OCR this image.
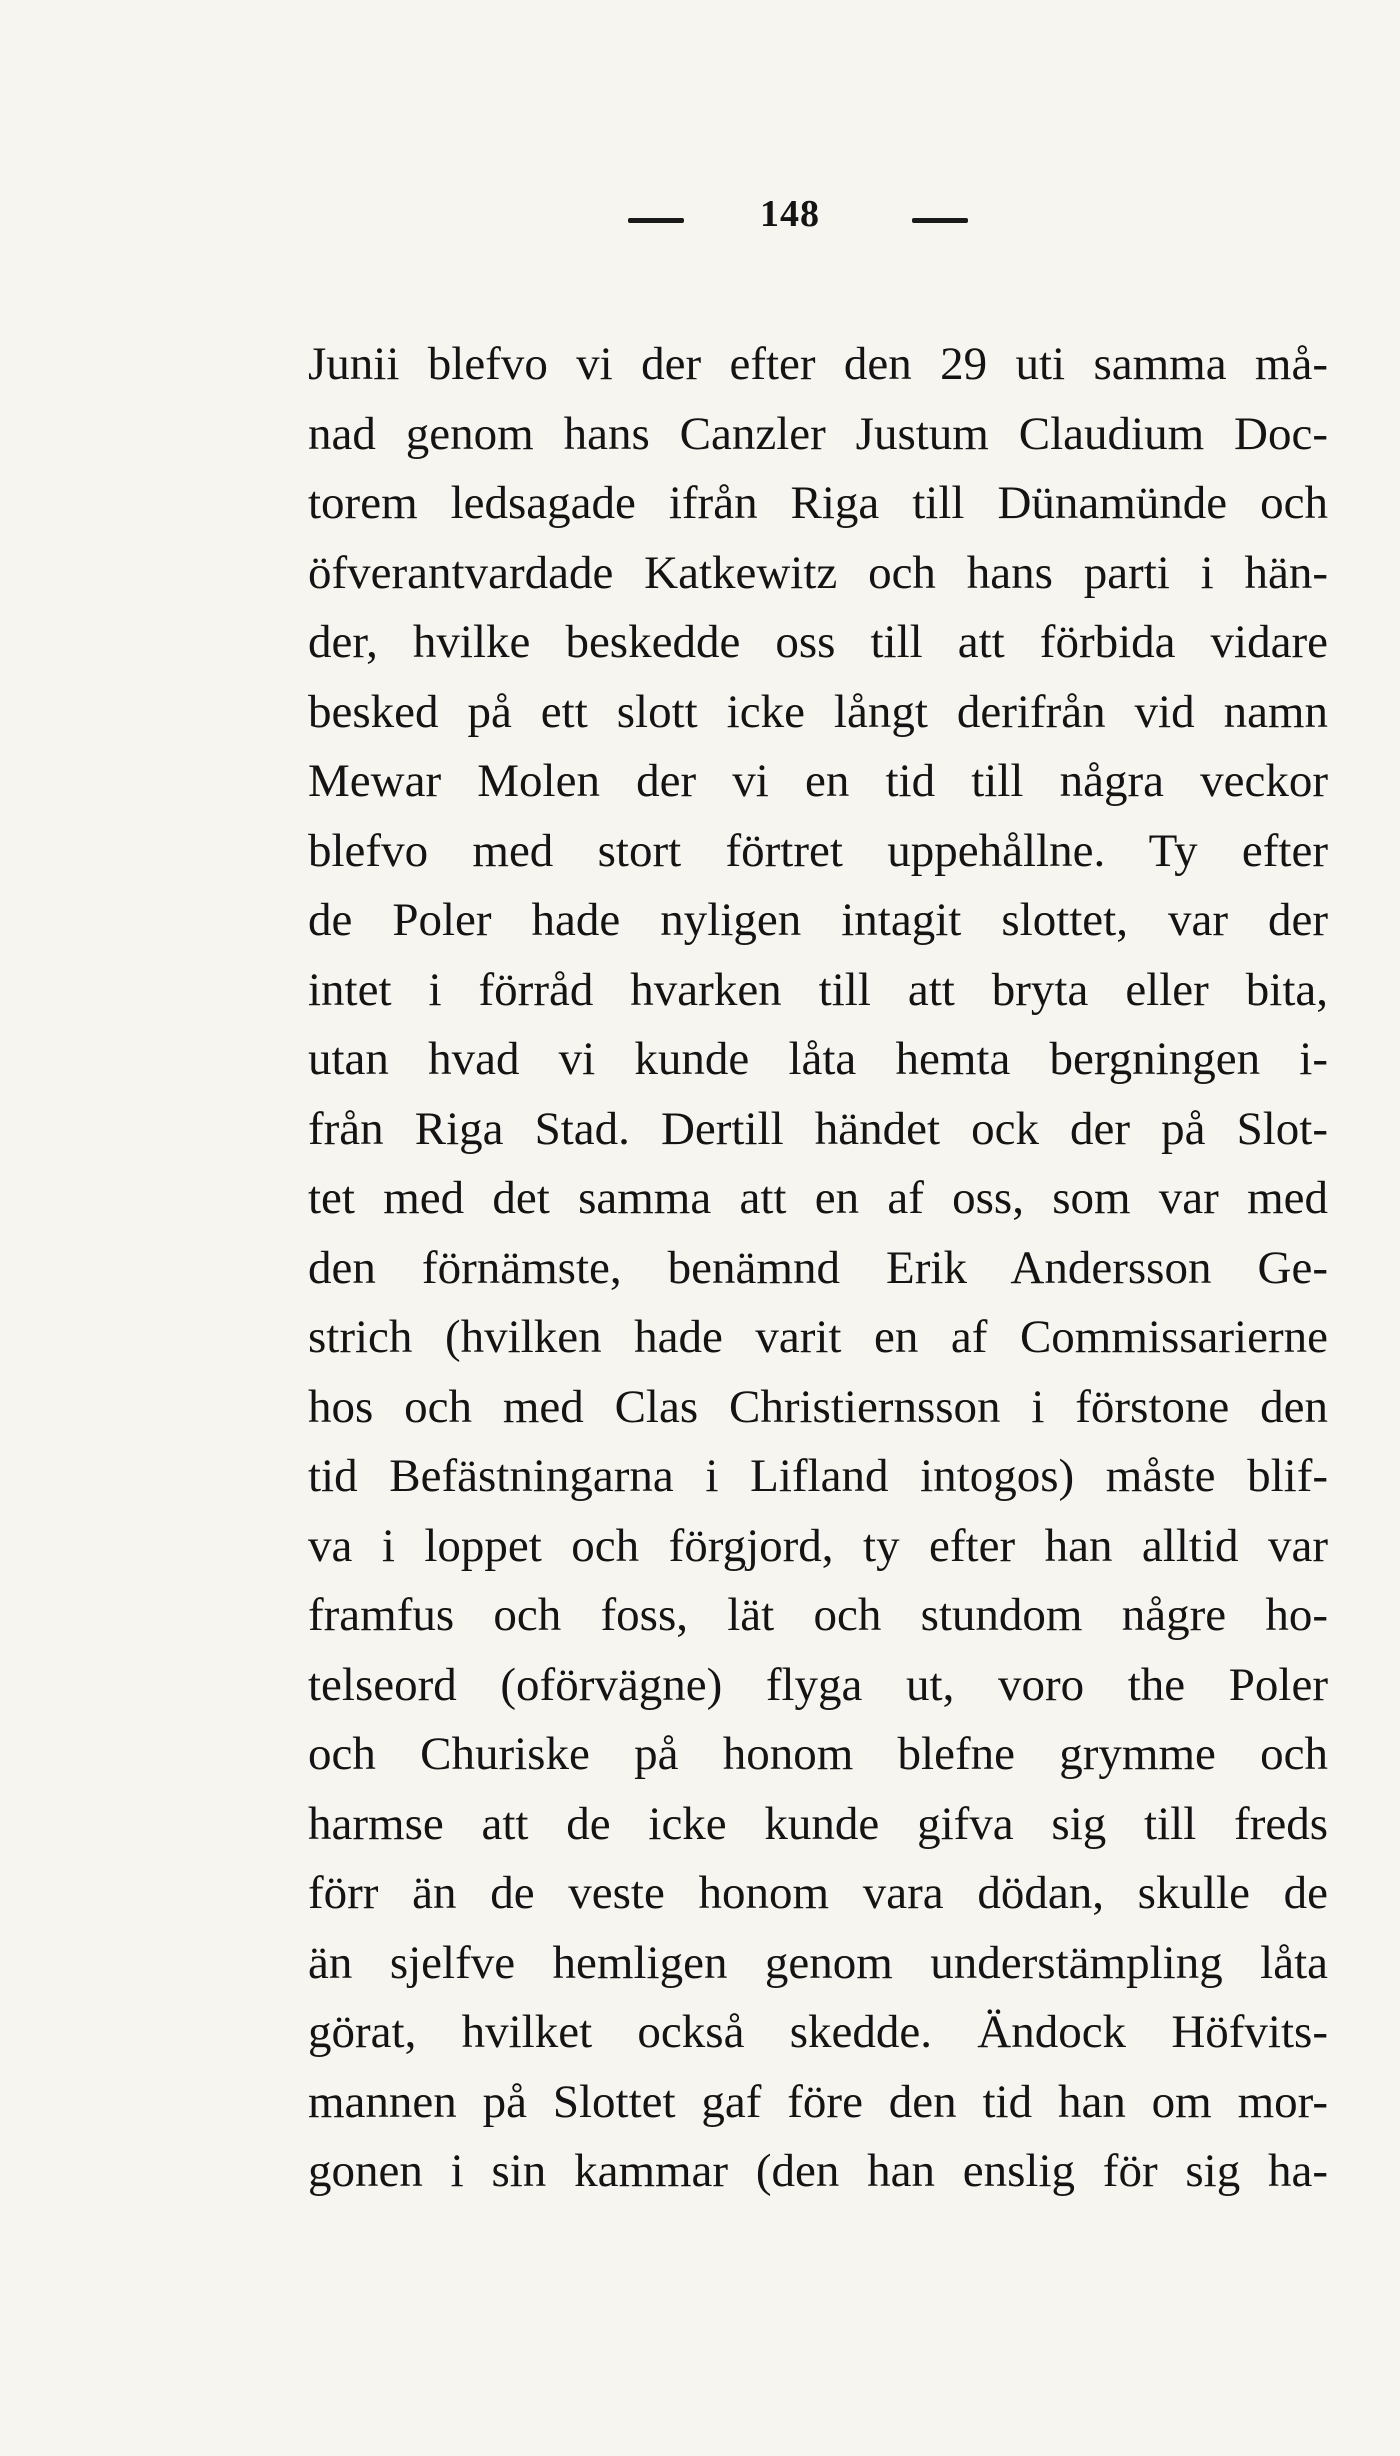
148
Junii blefvo vi der efter den 29 uti samma må-
nad genom hans Canzler Justum Claudium Doc-
torem ledsagade ifrån Riga till Dünamünde och
öfverantvardade Katkewitz och hans parti i hän-
der, hvilke beskedde oss till att förbida vidare
besked på ett slott icke långt derifrån vid namn
Mewar Molen der vi en tid till några veckor
blefvo med stort förtret uppehållne. Ty efter
de Poler hade nyligen intagit slottet, var der
intet i förråd hvarken till att bryta eller bita,
utan hvad vi kunde låta hemta bergningen i-
från Riga Stad. Dertill händet ock der på Slot-
tet med det samma att en af oss, som var med
den förnämste, benämnd Erik Andersson Ge-
strich (hvilken hade varit en af Commissarierne
hos och med Clas Christiernsson i förstone den
tid Befästningarna i Lifland intogos) måste blif-
va i loppet och förgjord, ty efter han alltid var
framfus och foss, lät och stundom någre ho-
telseord (oförvägne) flyga ut, voro the Poler
och Churiske på honom blefne grymme och
harmse att de icke kunde gifva sig till freds
förr än de veste honom vara dödan, skulle de
än sjelfve hemligen genom understämpling låta
görat, hvilket också skedde. Ändock Höfvits-
mannen på Slottet gaf före den tid han om mor-
gonen i sin kammar (den han enslig för sig ha-
